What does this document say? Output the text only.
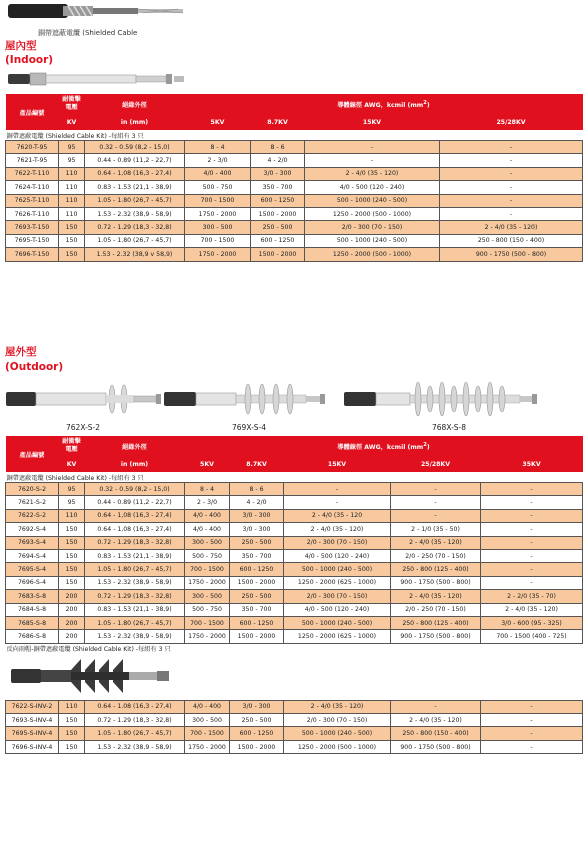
銅帶遮蔽電纜 (Shielded Cable
屋內型
(Indoor)
產品編號	耐衝擊電壓	絕緣外徑	導體線徑 AWG，kcmil $(mm^2)$			
	KV	in (mm)	5KV	8.7KV	15KV	25/28KV
銅帶遮蔽電纜 (Shielded Cable Kit) -每組有 3 只						
7620-T-95	95	0.32 - 0.59 (8,2 - 15,0)	8 - 4	8 - 6	-	-
7621-T-95	95	0.44 - 0.89 (11,2 - 22,7)	2 - 3/0	4 - 2/0	-	-
7622-T-110	110	0.64 - 1,08 (16,3 - 27,4)	4/0 - 400	3/0 - 300	2 - 4/0 (35 - 120)	-
7624-T-110	110	0.83 - 1.53 (21,1 - 38,9)	500 - 750	350 - 700	4/0 - 500 (120 - 240)	-
7625-T-110	110	1.05 - 1.80 (26,7 - 45,7)	700 - 1500	600 - 1250	500 - 1000 (240 - 500)	-
7626-T-110	110	1.53 - 2.32 (38,9 - 58,9)	1750 - 2000	1500 - 2000	1250 - 2000 (500 - 1000)	-
7693-T-150	150	0.72 - 1.29 (18,3 - 32,8)	300 - 500	250 - 500	2/0 - 300 (70 - 150)	2 - 4/0 (35 - 120)
7695-T-150	150	1.05 - 1.80 (26,7 - 45,7)	700 - 1500	600 - 1250	500 - 1000 (240 - 500)	250 - 800 (150 - 400)
7696-T-150	150	1.53 - 2.32 (38,9 v 58,9)	1750 - 2000	1500 - 2000	1250 - 2000 (500 - 1000)	900 - 1750 (500 - 800)
屋外型
(Outdoor)
762X-S-2	769X-S-4	768X-S-8
產品編號	耐衝擊電壓	絕緣外徑	導體線徑 AWG，kcmil $(mm^2)$				
	KV	in (mm)	5KV	8.7KV	15KV	25/28KV	35KV
銅帶遮蔽電纜 (Shielded Cable Kit) -每組有 3 只							
7620-S-2	95	0.32 - 0.59 (8,2 - 15,0)	8 - 4	8 - 6	-	-	-
7621-S-2	95	0.44 - 0.89 (11,2 - 22,7)	2 - 3/0	4 - 2/0	-	-	-
7622-S-2	110	0.64 - 1,08 (16,3 - 27,4)	4/0 - 400	3/0 - 300	2 - 4/0 (35 - 120	-	-
7692-S-4	150	0.64 - 1,08 (16,3 - 27,4)	4/0 - 400	3/0 - 300	2 - 4/0 (35 - 120)	2 - 1/0 (35 - 50)	-
7693-S-4	150	0.72 - 1.29 (18,3 - 32,8)	300 - 500	250 - 500	2/0 - 300 (70 - 150)	2 - 4/0 (35 - 120)	-
7694-S-4	150	0.83 - 1.53 (21,1 - 38,9)	500 - 750	350 - 700	4/0 - 500 (120 - 240)	2/0 - 250 (70 - 150)	-
7695-S-4	150	1.05 - 1.80 (26,7 - 45,7)	700 - 1500	600 - 1250	500 - 1000 (240 - 500)	250 - 800 (125 - 400)	-
7696-S-4	150	1.53 - 2.32 (38,9 - 58,9)	1750 - 2000	1500 - 2000	1250 - 2000 (625 - 1000)	900 - 1750 (500 - 800)	-
7683-S-8	200	0.72 - 1.29 (18,3 - 32,8)	300 - 500	250 - 500	2/0 - 300 (70 - 150)	2 - 4/0 (35 - 120)	2 - 2/0 (35 - 70)
7684-S-8	200	0.83 - 1.53 (21,1 - 38,9)	500 - 750	350 - 700	4/0 - 500 (120 - 240)	2/0 - 250 (70 - 150)	2 - 4/0 (35 - 120)
7685-S-8	200	1.05 - 1.80 (26,7 - 45,7)	700 - 1500	600 - 1250	500 - 1000 (240 - 500)	250 - 800 (125 - 400)	3/0 - 600 (95 - 325)
7686-S-8	200	1.53 - 2.32 (38,9 - 58,9)	1750 - 2000	1500 - 2000	1250 - 2000 (625 - 1000)	900 - 1750 (500 - 800)	700 - 1500 (400 - 725)
反向雨帽-銅帶遮蔽電纜 (Shielded Cable Kit) -每組有 3 只							

7622-S-INV-2	110	0.64 - 1.08 (16,3 - 27,4)	4/0 - 400	3/0 - 300	2 - 4/0 (35 - 120)	-	-
7693-S-INV-4	150	0.72 - 1.29 (18,3 - 32,8)	300 - 500	250 - 500	2/0 - 300 (70 - 150)	2 - 4/0 (35 - 120)	-
7695-S-INV-4	150	1.05 - 1.80 (26,7 - 45,7)	700 - 1500	600 - 1250	500 - 1000 (240 - 500)	250 - 800 (150 - 400)	-
7696-S-INV-4	150	1.53 - 2.32 (38,9 - 58,9)	1750 - 2000	1500 - 2000	1250 - 2000 (500 - 1000)	900 - 1750 (500 - 800)	-
